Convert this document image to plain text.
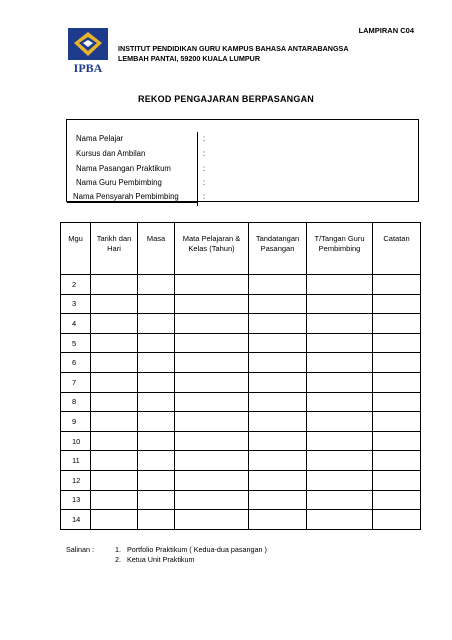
LAMPIRAN C04
IPBA
INSTITUT PENDIDIKAN GURU KAMPUS BAHASA ANTARABANGSA
LEMBAH PANTAI, 59200 KUALA LUMPUR
REKOD PENGAJARAN BERPASANGAN
Nama Pelajar	:
Kursus dan Ambilan	:
Nama Pasangan Praktikum	:
Nama Guru Pembimbing	:
Nama Pensyarah Pembimbing	:
Mgu	Tarikh dan Hari	Masa	Mata Pelajaran & Kelas (Tahun)	Tandatangan Pasangan	T/Tangan Guru Pembimbing	Catatan
2						
3						
4						
5						
6						
7						
8						
9						
10						
11						
12						
13						
14						
Salinan :	1. Portfolio Praktikum ( Kedua-dua pasangan )
2. Ketua Unit Praktikum
